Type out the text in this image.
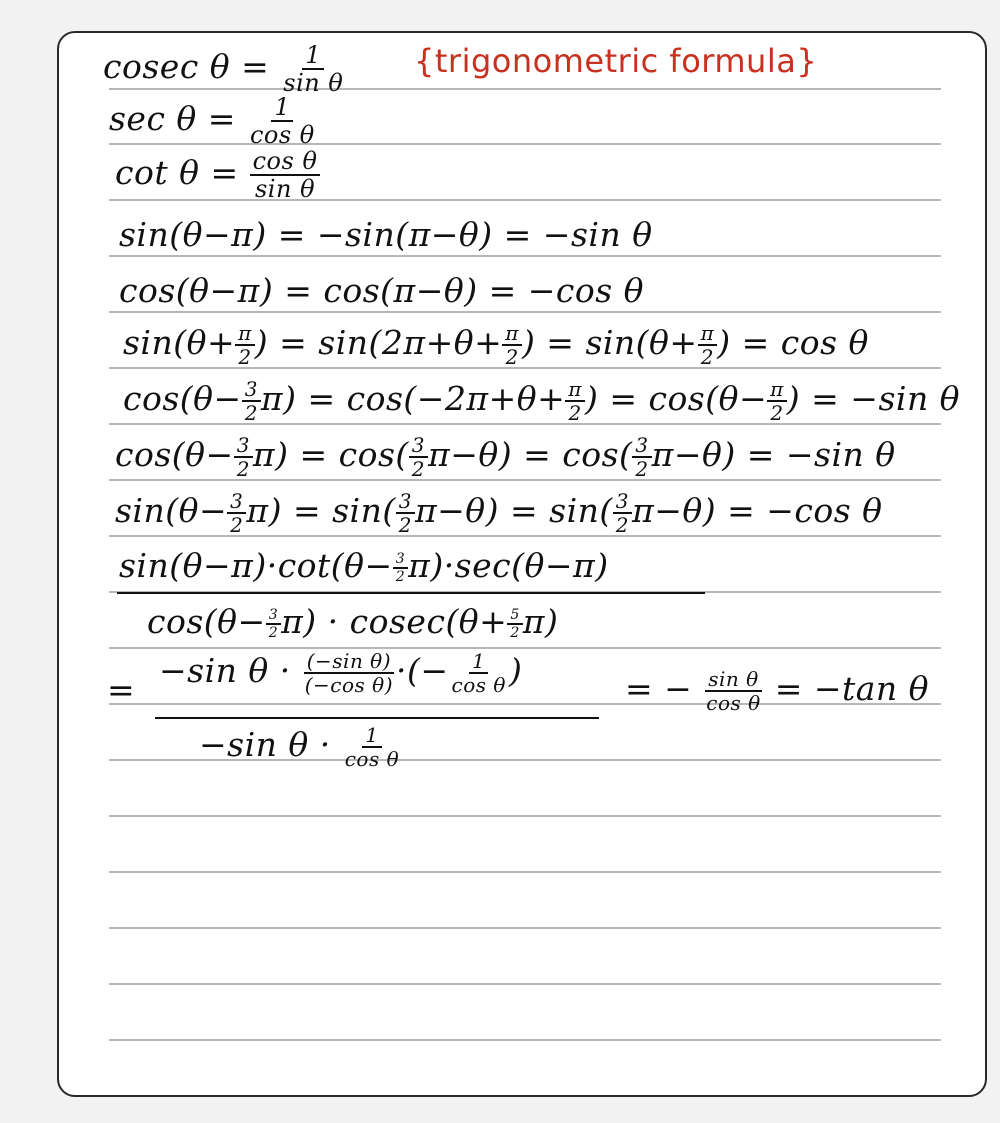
cosec $\theta = \frac{1}{\text{sin θ}}$ {trigonometric formula}
$\sec \theta = \frac{1}{\text{cos θ}}$
$\cot \theta = \frac{\text{cos θ}}{\text{sin θ}}$
sin(θ−π) = −sin(π−θ) = −sin θ
cos(θ−π) = cos(π−θ) = −cos θ
$\sin(\theta+ \frac{\pi}{2}$ ) = $\sin(2\pi+\theta+ \frac{\pi}{2}$ ) = $\sin(\theta+ \frac{\pi}{2}$ ) = cos θ
$\cos(\theta- \frac{3}{2} \pi) = \cos(-2\pi+\theta+ \frac{\pi}{2}$ ) = $\cos(\theta- \frac{\pi}{2}$ ) = −sin θ
$\cos(\theta- \frac{3}{2} \pi) = \cos( \frac{3}{2} \pi-\theta) = \cos( \frac{3}{2} \pi-\theta) = -\sin$ θ
$\sin(\theta- \frac{3}{2} \pi) = \sin( \frac{3}{2} \pi-\theta) = \sin( \frac{3}{2} \pi-\theta) = -\cos$ θ
$\sin(\theta-\pi)\cdot\cot(\theta- \frac{3}{2} \pi)\cdot\sec(\theta-\pi)$
$\cos(\theta- \frac{3}{2} \pi) \cdot cosec(\theta+ \frac{5}{2} \pi)$
= −sin $\theta \cdot \frac{\text{(−sin θ)}}{\text{(−cos θ)}}$ ·(− $\frac{1}{\text{cos θ}}$ )
−sin $\theta \cdot \frac{1}{\text{cos θ}}$
= − $\frac{\text{sin θ}}{\text{cos θ}} = -\tan$ θ
